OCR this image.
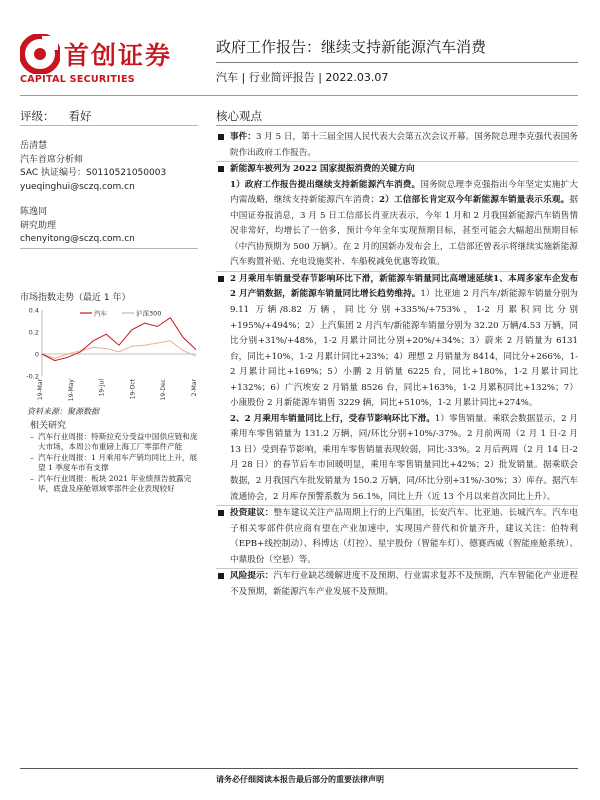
首创证券
CAPITAL SECURITIES
政府工作报告：继续支持新能源汽车消费
汽车 | 行业简评报告 | 2022.03.07
评级： 看好
岳清慧
汽车首席分析师
SAC 执证编号：S0110521050003
yueqinghui@sczq.com.cn
陈逸同
研究助理
chenyitong@sczq.com.cn
市场指数走势（最近 1 年）
0.4
0.2
0
-0.2
19-Mar	19-May	19-Jul	19-Oct	19-Dec	2-Mar
汽车	沪深300
资料来源：聚源数据
相关研究
– 汽车行业周报：特斯拉充分受益中国供应链和庞大市场，本周公布重磅上海工厂零部件产能
– 汽车行业周报：1 月乘用车产销均同比上升，展望 1 季度车市有支撑
– 汽车行业周报：板块 2021 年业绩预告披露完毕，底盘及座舱领域零部件企业表现较好
核心观点
事件：3 月 5 日，第十三届全国人民代表大会第五次会议开幕。国务院总理李克强代表国务院作出政府工作报告。
新能源车被列为 2022 国家提振消费的关键方向
1）政府工作报告提出继续支持新能源汽车消费。国务院总理李克强指出今年坚定实施扩大内需战略，继续支持新能源汽车消费；2）工信部长肯定双今年新能源车销量表示乐观。据中国证券报消息，3 月 5 日工信部长肖亚庆表示，今年 1 月和 2 月我国新能源汽车销售情况非常好，均增长了一倍多，预计今年全年实现预期目标，甚至可能会大幅超出预期目标（中汽协预期为 500 万辆）。在 2 月的国新办发布会上，工信部还曾表示将继续实施新能源汽车购置补贴、充电设施奖补、车船税减免优惠等政策。
2 月乘用车销量受春节影响环比下滑，新能源车销量同比高增速延续1、本周多家车企发布 2 月产销数据，新能源车销量同比增长趋势维持。1）比亚迪 2 月汽车/新能源车销量分别为 9.11 万辆/8.82 万辆，同比分别+335%/+753%，1-2 月累积同比分别+195%/+494%；2）上汽集团 2 月汽车/新能源车销量分别为 32.20 万辆/4.53 万辆，同比分别+31%/+48%，1-2 月累计同比分别+20%/+34%；3）蔚来 2 月销量为 6131 台，同比+10%，1-2 月累计同比+23%；4）理想 2 月销量为 8414，同比分+266%，1-2 月累计同比+169%；5）小鹏 2 月销量 6225 台，同比+180%，1-2 月累计同比+132%；6）广汽埃安 2 月销量 8526 台，同比+163%，1-2 月累积同比+132%；7）小康股份 2 月新能源车销售 3229 辆，同比+510%，1-2 月累计同比+274%。
2、2 月乘用车销量同比上行，受春节影响环比下滑。1）零售销量。乘联会数据显示，2 月乘用车零售销量为 131.2 万辆，同/环比分别+10%/-37%。2 月前两周（2 月 1 日-2 月 13 日）受到春节影响，乘用车零售销量表现较弱，同比-33%。2 月后两周（2 月 14 日-2 月 28 日）的春节后车市回暖明显，乘用车零售销量同比+42%；2）批发销量。据乘联会数据，2 月我国汽车批发销量为 150.2 万辆，同/环比分别+31%/-30%；3）库存。据汽车流通协会，2 月库存预警系数为 56.1%，同比上升（近 13 个月以来首次同比上升）。
投资建议：整车建议关注产品周期上行的上汽集团，长安汽车、比亚迪、长城汽车。汽车电子相关零部件供应商有望在产业加速中，实现国产替代和价量齐升，建议关注：伯特利（EPB+线控制动）、科博达（灯控）、星宇股份（智能车灯）、德赛西威（智能座舱系统）、中鼎股份（空悬）等。
风险提示：汽车行业缺芯缓解进度不及预期、行业需求复苏不及预期，汽车智能化产业进程不及预期，新能源汽车产业发展不及预期。
请务必仔细阅读本报告最后部分的重要法律声明
